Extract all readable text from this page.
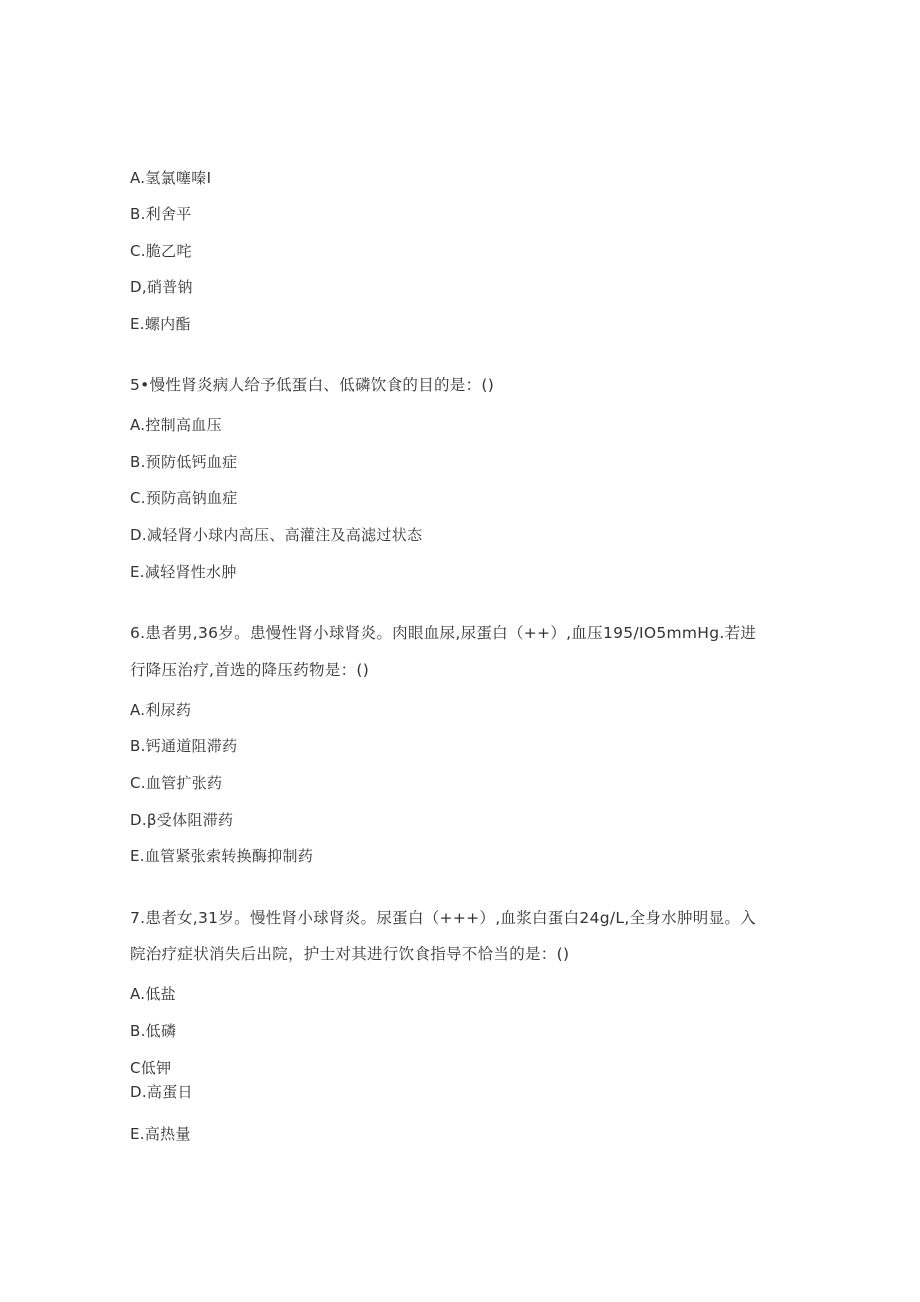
A.氢氯噻嗪I
B.利舍平
C.脆乙咤
D,硝普钠
E.螺内酯
5•慢性肾炎病人给予低蛋白、低磷饮食的目的是：()
A.控制高血压
B.预防低钙血症
C.预防高钠血症
D.减轻肾小球内高压、高灌注及高滤过状态
E.减轻肾性水肿
6.患者男,36岁。患慢性肾小球肾炎。肉眼血尿,尿蛋白（++）,血压195/IO5mmHg.若进
行降压治疗,首选的降压药物是：()
A.利尿药
B.钙通道阻滞药
C.血管扩张药
D.β受体阻滞药
E.血管紧张索转换酶抑制药
7.患者女,31岁。慢性肾小球肾炎。尿蛋白（+++）,血浆白蛋白24g∕L,全身水肿明显。入
院治疗症状消失后出院，护士对其进行饮食指导不恰当的是：()
A.低盐
B.低磷
C低钾
D.高蛋日
E.高热量
